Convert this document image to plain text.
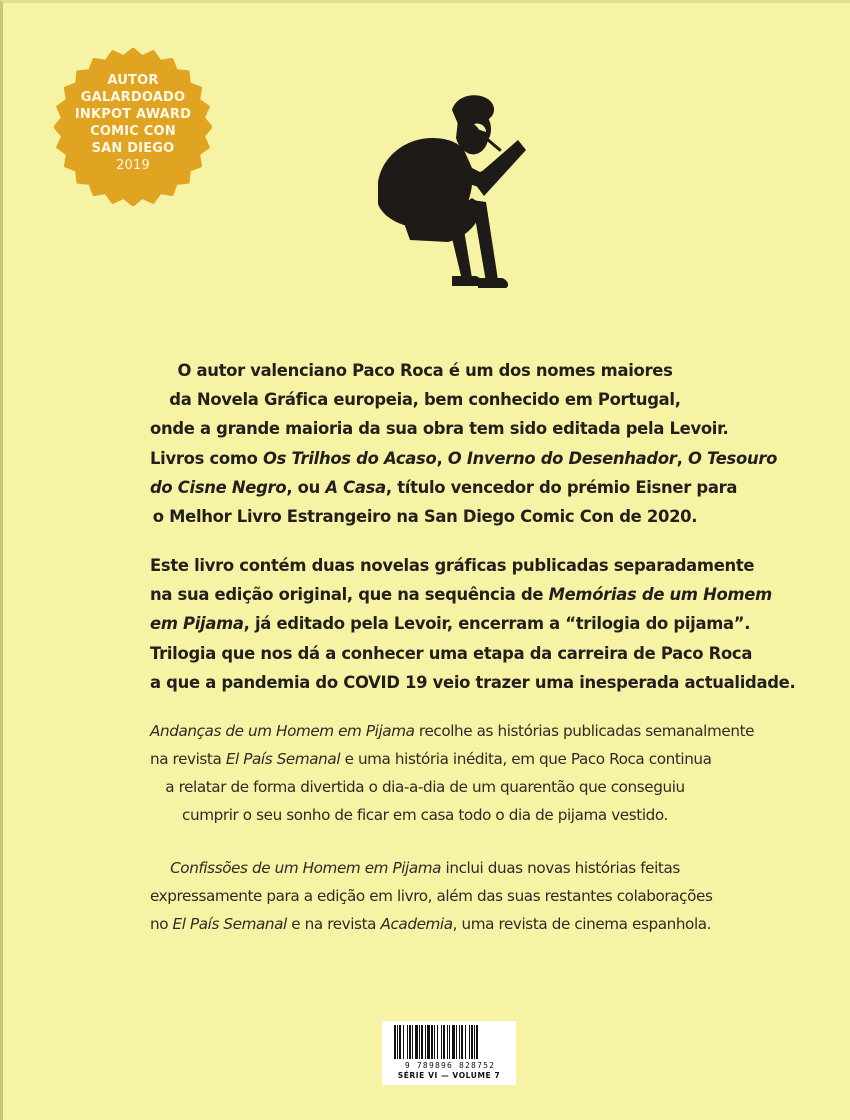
AUTOR
GALARDOADO
INKPOT AWARD
COMIC CON
SAN DIEGO
2019
O autor valenciano Paco Roca é um dos nomes maiores
da Novela Gráfica europeia, bem conhecido em Portugal,
onde a grande maioria da sua obra tem sido editada pela Levoir.
Livros como Os Trilhos do Acaso, O Inverno do Desenhador, O Tesouro
do Cisne Negro, ou A Casa, título vencedor do prémio Eisner para
o Melhor Livro Estrangeiro na San Diego Comic Con de 2020.
Este livro contém duas novelas gráficas publicadas separadamente
na sua edição original, que na sequência de Memórias de um Homem
em Pijama, já editado pela Levoir, encerram a “trilogia do pijama”.
Trilogia que nos dá a conhecer uma etapa da carreira de Paco Roca
a que a pandemia do COVID 19 veio trazer uma inesperada actualidade.
Andanças de um Homem em Pijama recolhe as histórias publicadas semanalmente
na revista El País Semanal e uma história inédita, em que Paco Roca continua
a relatar de forma divertida o dia-a-dia de um quarentão que conseguiu
cumprir o seu sonho de ficar em casa todo o dia de pijama vestido.
Confissões de um Homem em Pijama inclui duas novas histórias feitas
expressamente para a edição em livro, além das suas restantes colaborações
no El País Semanal e na revista Academia, uma revista de cinema espanhola.
9 789896 828752
SÉRIE VI — VOLUME 7
